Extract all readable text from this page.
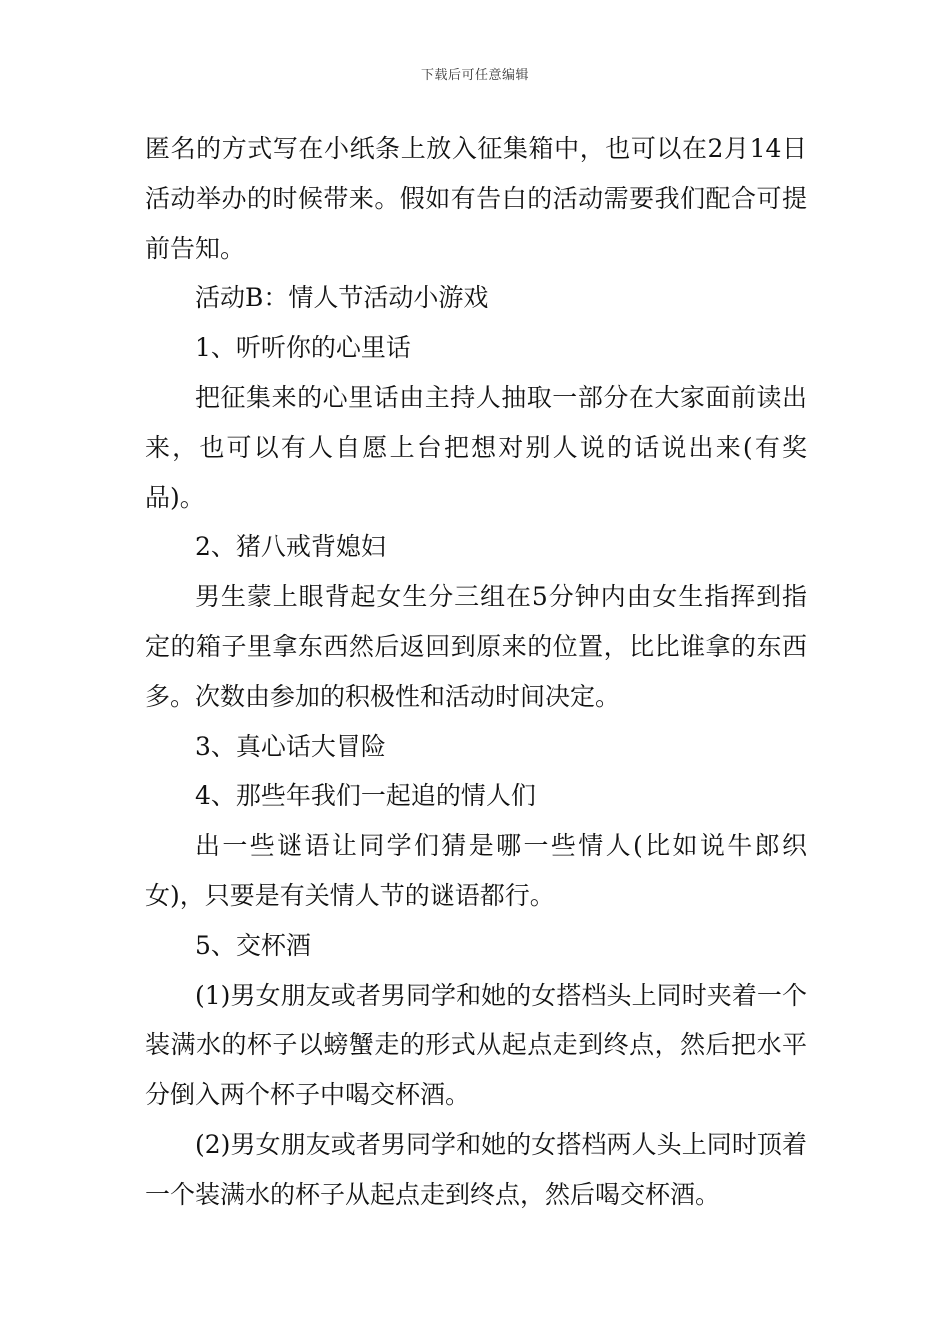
下载后可任意编辑

匿名的方式写在小纸条上放入征集箱中，也可以在2月14日活动举办的时候带来。假如有告白的活动需要我们配合可提前告知。

活动B：情人节活动小游戏

1、听听你的心里话

把征集来的心里话由主持人抽取一部分在大家面前读出来，也可以有人自愿上台把想对别人说的话说出来(有奖品)。

2、猪八戒背媳妇

男生蒙上眼背起女生分三组在5分钟内由女生指挥到指定的箱子里拿东西然后返回到原来的位置，比比谁拿的东西多。次数由参加的积极性和活动时间决定。

3、真心话大冒险

4、那些年我们一起追的情人们

出一些谜语让同学们猜是哪一些情人(比如说牛郎织女)，只要是有关情人节的谜语都行。

5、交杯酒

(1)男女朋友或者男同学和她的女搭档头上同时夹着一个装满水的杯子以螃蟹走的形式从起点走到终点，然后把水平分倒入两个杯子中喝交杯酒。

(2)男女朋友或者男同学和她的女搭档两人头上同时顶着一个装满水的杯子从起点走到终点，然后喝交杯酒。
